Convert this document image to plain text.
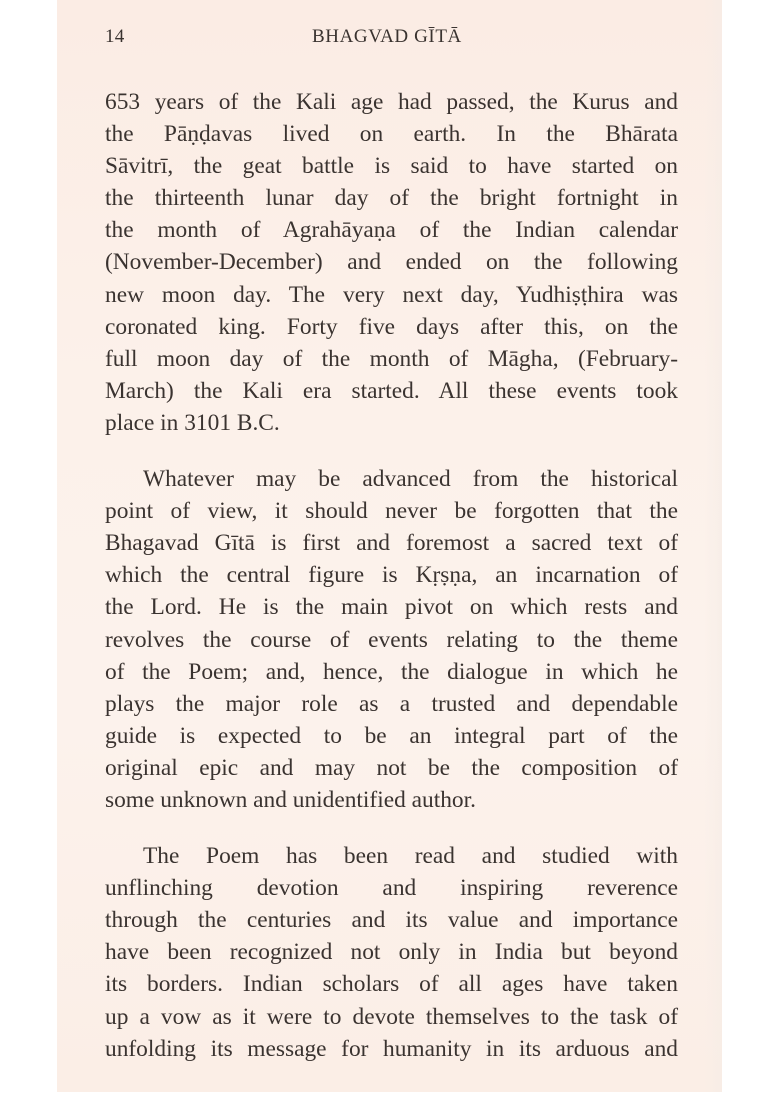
14	BHAGVAD GĪTĀ

653 years of the Kali age had passed, the Kurus and
the Pāṇḍavas lived on earth. In the Bhārata
Sāvitrī, the geat battle is said to have started on
the thirteenth lunar day of the bright fortnight in
the month of Agrahāyaṇa of the Indian calendar
(November-December) and ended on the following
new moon day. The very next day, Yudhiṣṭhira was
coronated king. Forty five days after this, on the
full moon day of the month of Māgha, (February-
March) the Kali era started. All these events took
place in 3101 B.C.

Whatever may be advanced from the historical
point of view, it should never be forgotten that the
Bhagavad Gītā is first and foremost a sacred text of
which the central figure is Kṛṣṇa, an incarnation of
the Lord. He is the main pivot on which rests and
revolves the course of events relating to the theme
of the Poem; and, hence, the dialogue in which he
plays the major role as a trusted and dependable
guide is expected to be an integral part of the
original epic and may not be the composition of
some unknown and unidentified author.

The Poem has been read and studied with
unflinching devotion and inspiring reverence
through the centuries and its value and importance
have been recognized not only in India but beyond
its borders. Indian scholars of all ages have taken
up a vow as it were to devote themselves to the task of
unfolding its message for humanity in its arduous and
